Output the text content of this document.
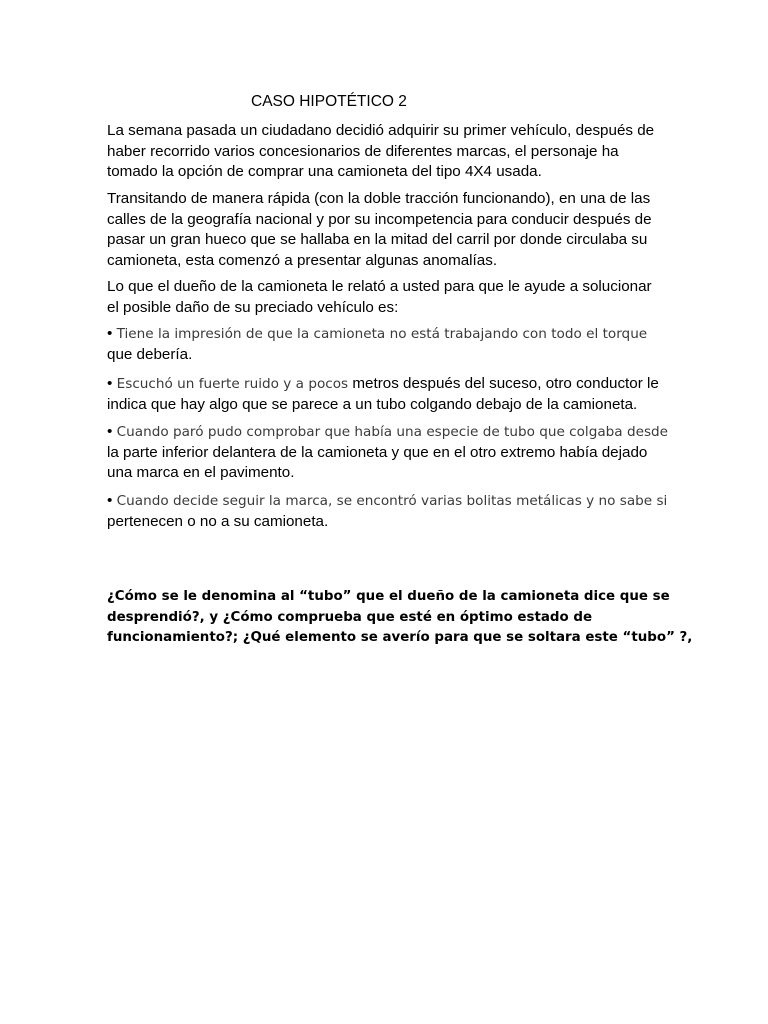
CASO HIPOTÉTICO 2

La semana pasada un ciudadano decidió adquirir su primer vehículo, después de
haber recorrido varios concesionarios de diferentes marcas, el personaje ha
tomado la opción de comprar una camioneta del tipo 4X4 usada.

Transitando de manera rápida (con la doble tracción funcionando), en una de las
calles de la geografía nacional y por su incompetencia para conducir después de
pasar un gran hueco que se hallaba en la mitad del carril por donde circulaba su
camioneta, esta comenzó a presentar algunas anomalías.

Lo que el dueño de la camioneta le relató a usted para que le ayude a solucionar
el posible daño de su preciado vehículo es:

• Tiene la impresión de que la camioneta no está trabajando con todo el torque
que debería.

• Escuchó un fuerte ruido y a pocos metros después del suceso, otro conductor le
indica que hay algo que se parece a un tubo colgando debajo de la camioneta.

• Cuando paró pudo comprobar que había una especie de tubo que colgaba desde
la parte inferior delantera de la camioneta y que en el otro extremo había dejado
una marca en el pavimento.

• Cuando decide seguir la marca, se encontró varias bolitas metálicas y no sabe si
pertenecen o no a su camioneta.

¿Cómo se le denomina al “tubo” que el dueño de la camioneta dice que se
desprendió?, y ¿Cómo comprueba que esté en óptimo estado de
funcionamiento?; ¿Qué elemento se averío para que se soltara este “tubo” ?,
